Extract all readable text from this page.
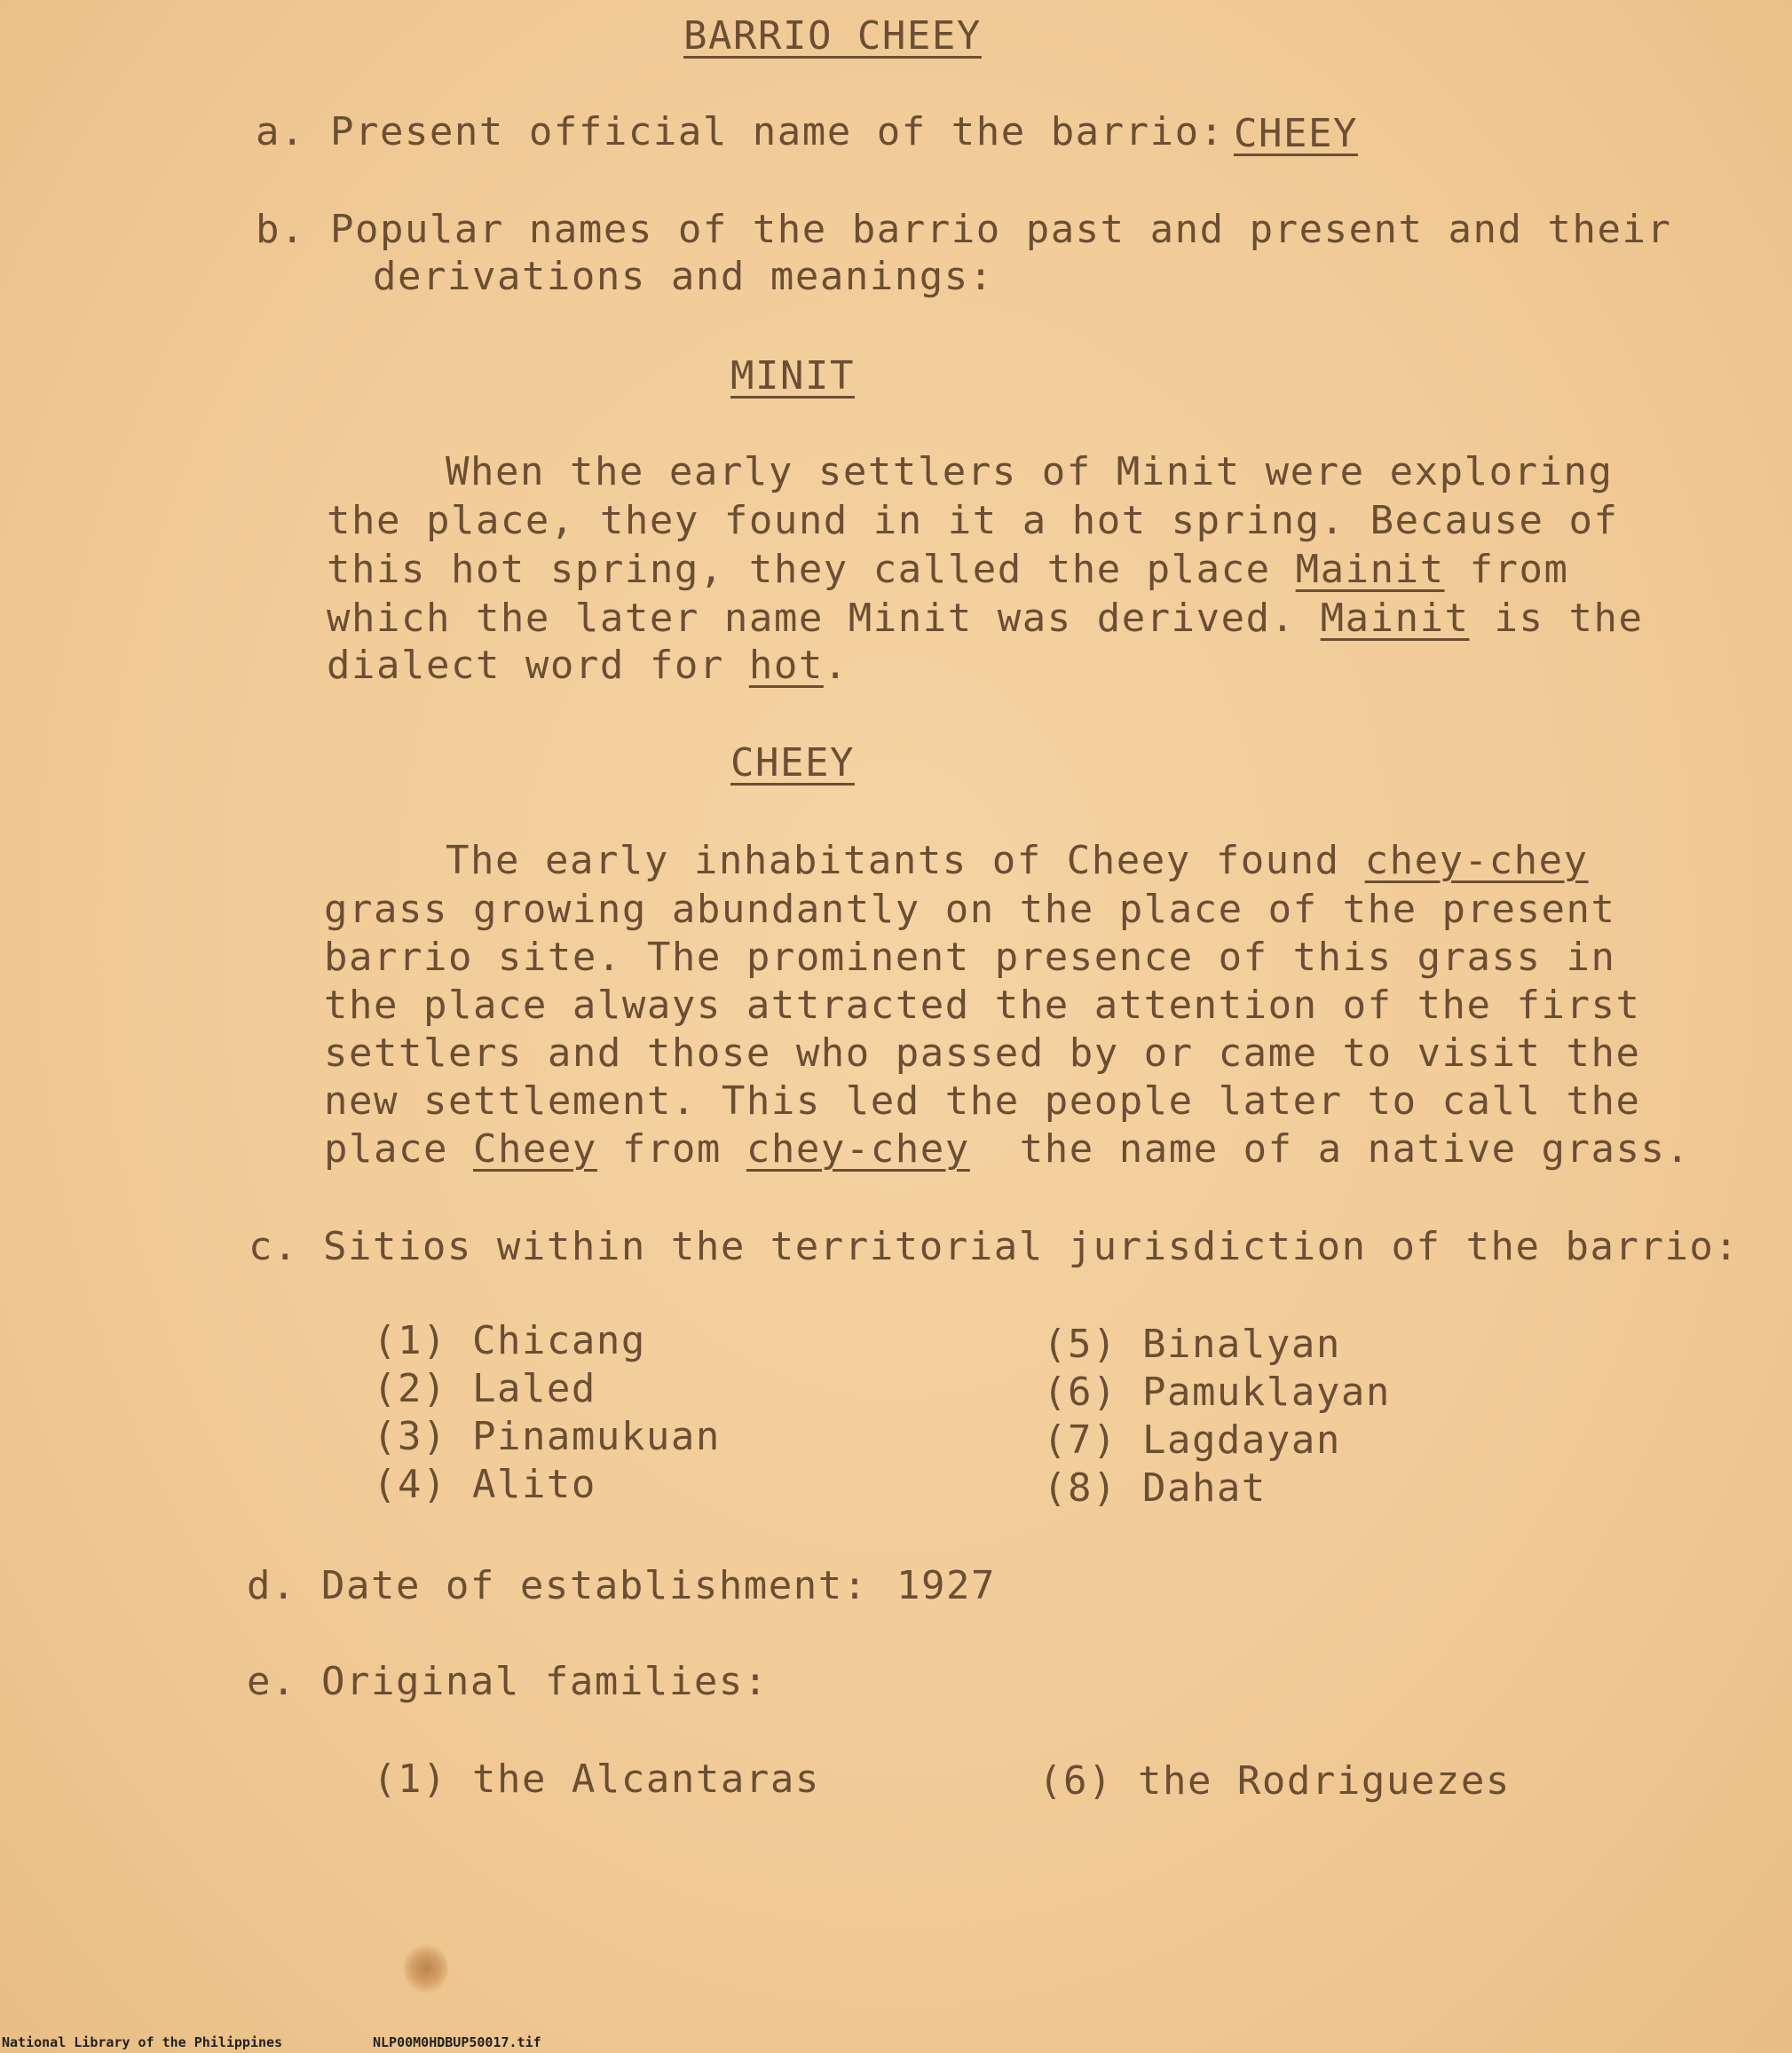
BARRIO CHEEY
a. Present official name of the barrio: CHEEY
b. Popular names of the barrio past and present and their
derivations and meanings:
MINIT
When the early settlers of Minit were exploring
the place, they found in it a hot spring. Because of
this hot spring, they called the place Mainit from
which the later name Minit was derived. Mainit is the
dialect word for hot.
CHEEY
The early inhabitants of Cheey found chey-chey
grass growing abundantly on the place of the present
barrio site. The prominent presence of this grass in
the place always attracted the attention of the first
settlers and those who passed by or came to visit the
new settlement. This led the people later to call the
place Cheey from chey-chey  the name of a native grass.
c. Sitios within the territorial jurisdiction of the barrio:
(1) Chicang
(2) Laled
(3) Pinamukuan
(4) Alito
(5) Binalyan
(6) Pamuklayan
(7) Lagdayan
(8) Dahat
d. Date of establishment: 1927
e. Original families:
(1) the Alcantaras	(6) the Rodriguezes
National Library of the Philippines	NLP00M0HDBUP50017.tif
